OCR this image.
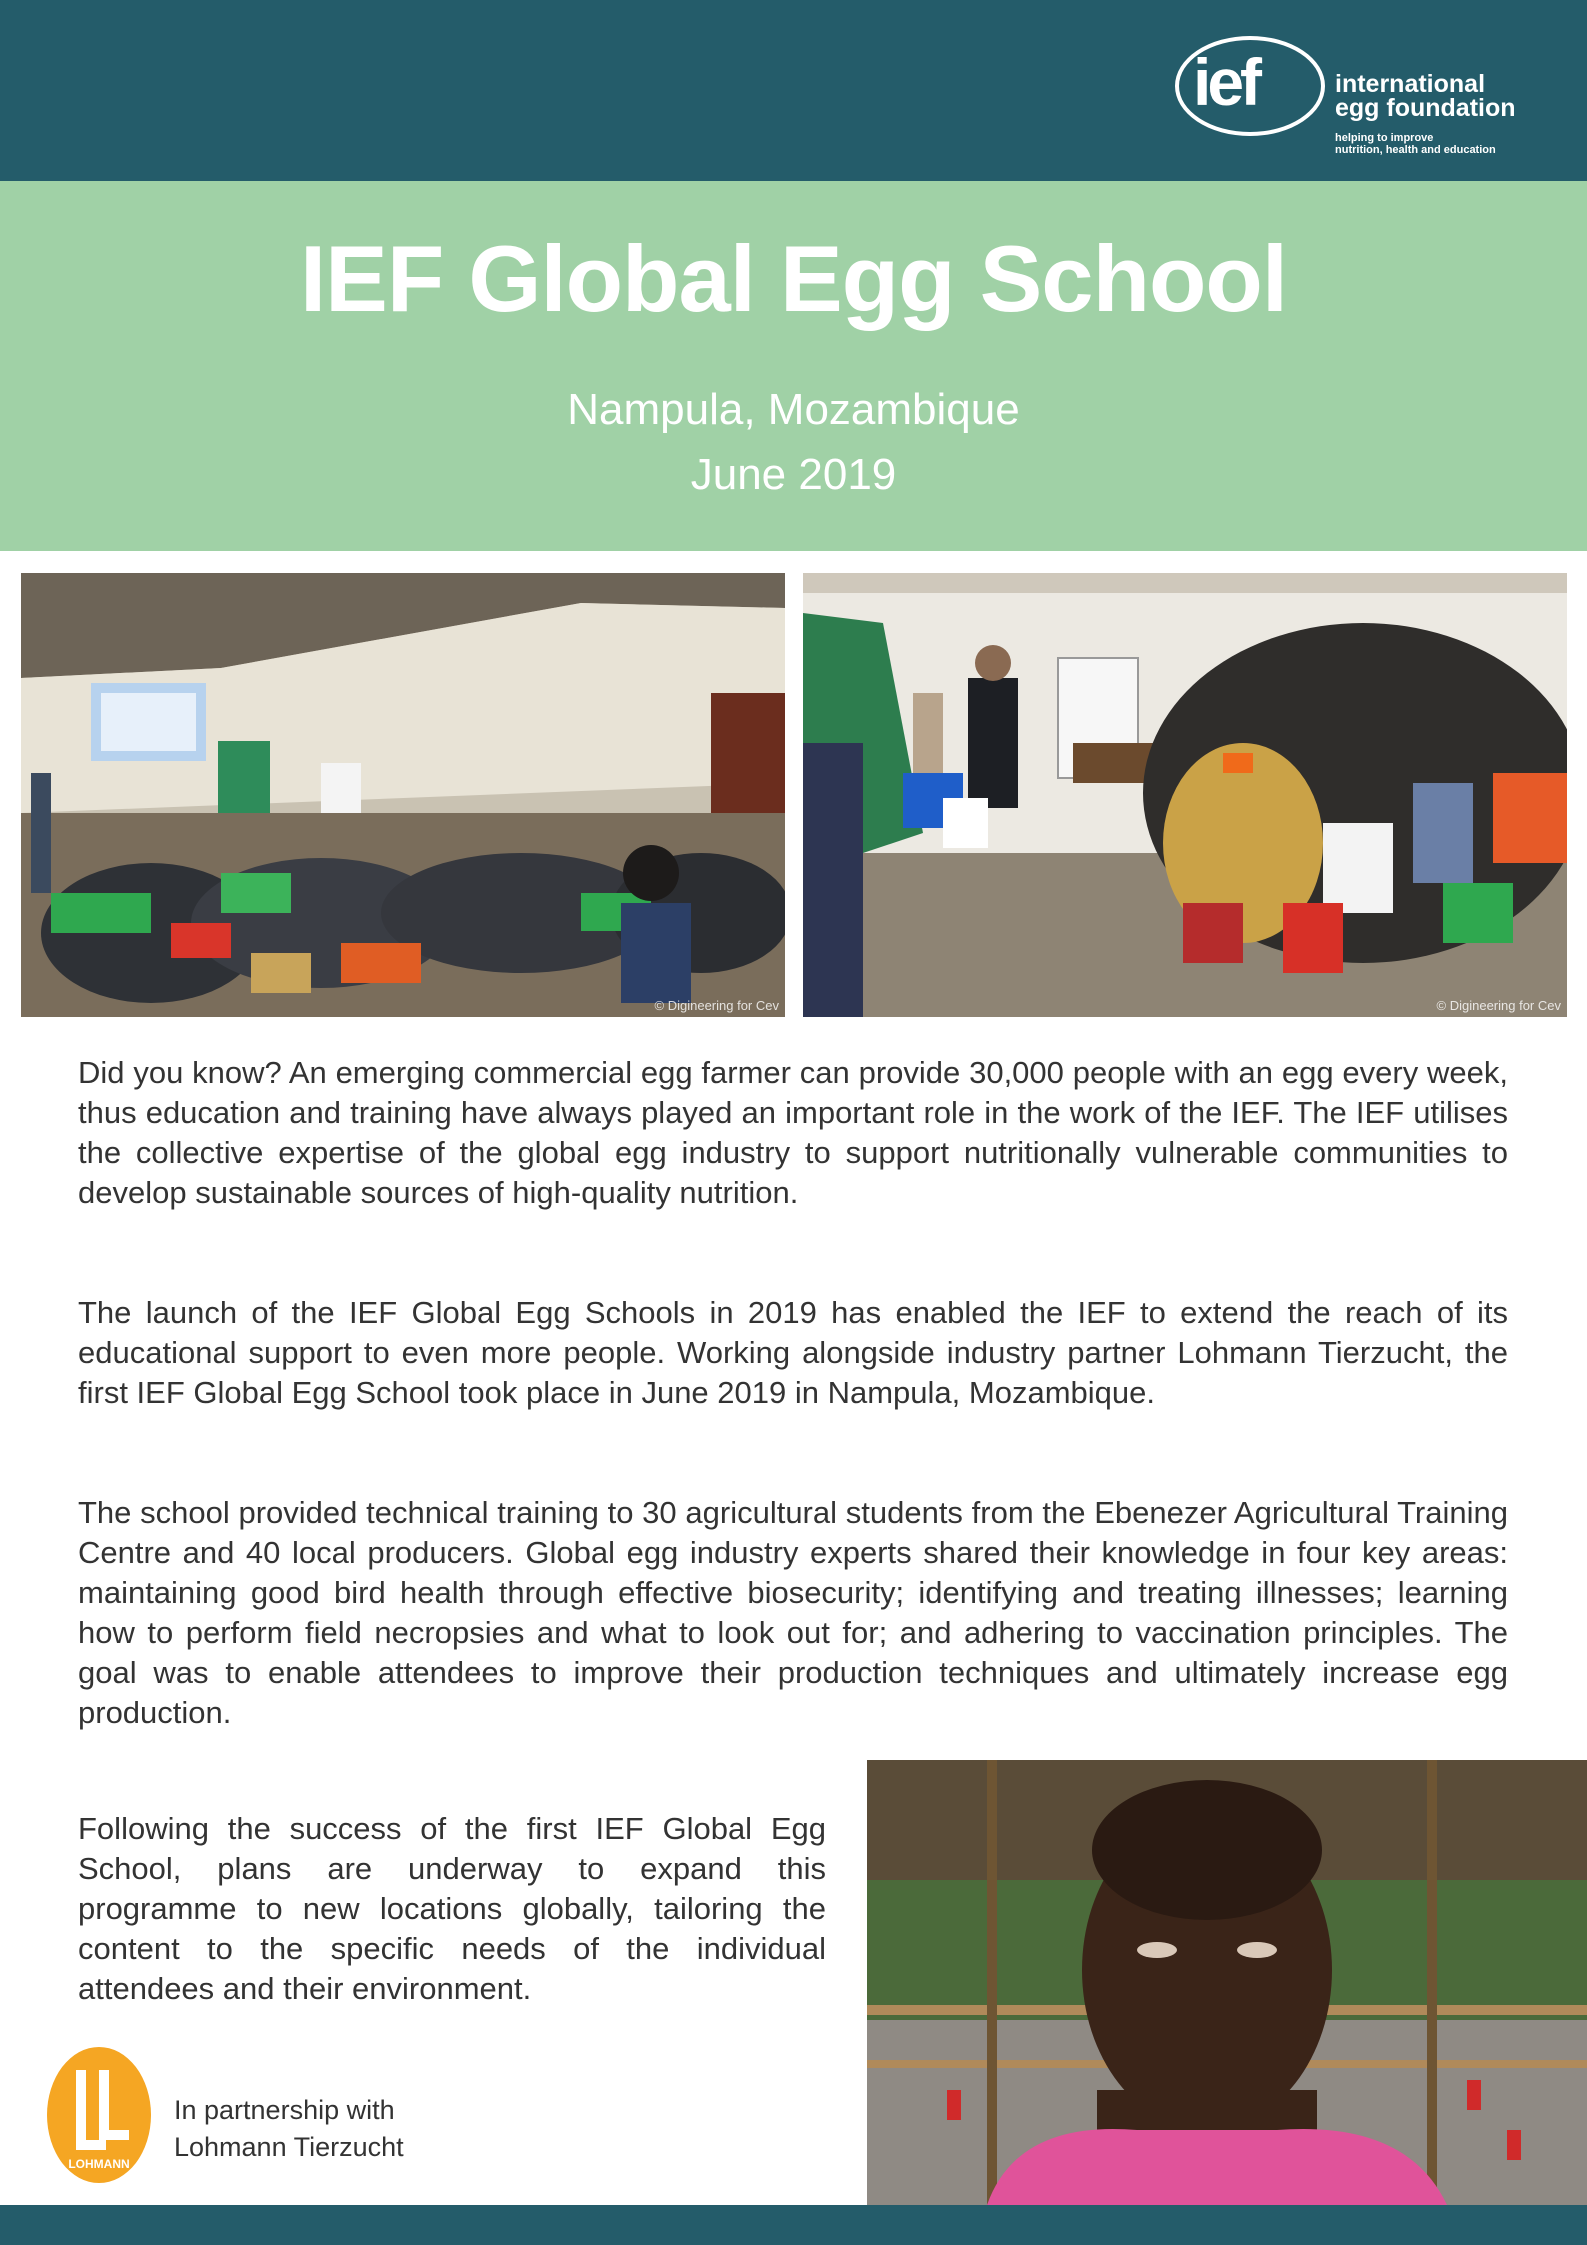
ief	international
egg foundation
helping to improve
nutrition, health and education
IEF Global Egg School
Nampula, Mozambique
June 2019
© Digineering for Cev	© Digineering for Cev

Did you know? An emerging commercial egg farmer can provide 30,000 people with an egg every week, thus education and training have always played an important role in the work of the IEF. The IEF utilises the collective expertise of the global egg industry to support nutritionally vulnerable communities to develop sustainable sources of high-quality nutrition.

The launch of the IEF Global Egg Schools in 2019 has enabled the IEF to extend the reach of its educational support to even more people. Working alongside industry partner Lohmann Tierzucht, the first IEF Global Egg School took place in June 2019 in Nampula, Mozambique.

The school provided technical training to 30 agricultural students from the Ebenezer Agricultural Training Centre and 40 local producers. Global egg industry experts shared their knowledge in four key areas: maintaining good bird health through effective biosecurity; identifying and treating illnesses; learning how to perform field necropsies and what to look out for; and adhering to vaccination principles. The goal was to enable attendees to improve their production techniques and ultimately increase egg production.

Following the success of the first IEF Global Egg School, plans are underway to expand this programme to new locations globally, tailoring the content to the specific needs of the individual attendees and their environment.

LOHMANN
In partnership with
Lohmann Tierzucht
